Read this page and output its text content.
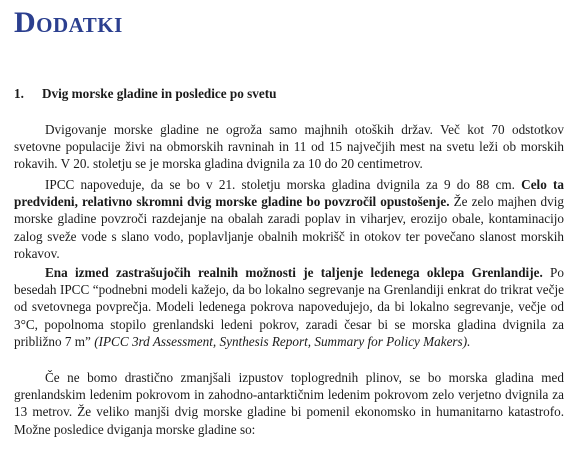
Dodatki
1. Dvig morske gladine in posledice po svetu

Dvigovanje morske gladine ne ogroža samo majhnih otoških držav. Več kot 70 odstotkov svetovne populacije živi na obmorskih ravninah in 11 od 15 največjih mest na svetu leži ob morskih rokavih. V 20. stoletju se je morska gladina dvignila za 10 do 20 centimetrov.

IPCC napoveduje, da se bo v 21. stoletju morska gladina dvignila za 9 do 88 cm. Celo ta predvideni, relativno skromni dvig morske gladine bo povzročil opustošenje. Že zelo majhen dvig morske gladine povzroči razdejanje na obalah zaradi poplav in viharjev, erozijo obale, kontaminacijo zalog sveže vode s slano vodo, poplavljanje obalnih mokrišč in otokov ter povečano slanost morskih rokavov.

Ena izmed zastrašujočih realnih možnosti je taljenje ledenega oklepa Grenlandije. Po besedah IPCC “podnebni modeli kažejo, da bo lokalno segrevanje na Grenlandiji enkrat do trikrat večje od svetovnega povprečja. Modeli ledenega pokrova napovedujejo, da bi lokalno segrevanje, večje od 3°C, popolnoma stopilo grenlandski ledeni pokrov, zaradi česar bi se morska gladina dvignila za približno 7 m” (IPCC 3rd Assessment, Synthesis Report, Summary for Policy Makers).

Če ne bomo drastično zmanjšali izpustov toplogrednih plinov, se bo morska gladina med grenlandskim ledenim pokrovom in zahodno-antarktičnim ledenim pokrovom zelo verjetno dvignila za 13 metrov. Že veliko manjši dvig morske gladine bi pomenil ekonomsko in humanitarno katastrofo. Možne posledice dviganja morske gladine so:
